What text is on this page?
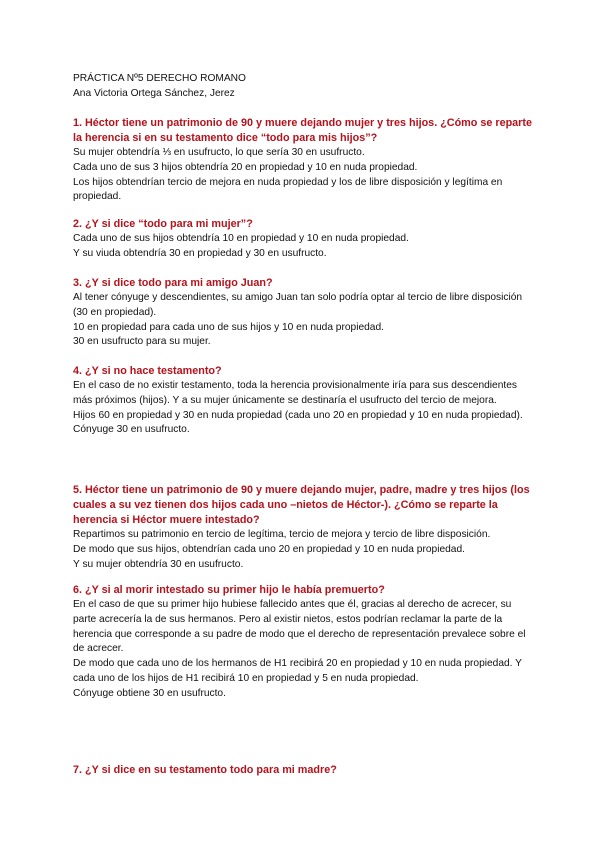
PRÁCTICA Nº5 DERECHO ROMANO
Ana Victoria Ortega Sánchez, Jerez

1. Héctor tiene un patrimonio de 90 y muere dejando mujer y tres hijos. ¿Cómo se reparte la herencia si en su testamento dice “todo para mis hijos”?

Su mujer obtendría ⅓ en usufructo, lo que sería 30 en usufructo.

Cada uno de sus 3 hijos obtendría 20 en propiedad y 10 en nuda propiedad.

Los hijos obtendrían tercio de mejora en nuda propiedad y los de libre disposición y legítima en propiedad.

2. ¿Y si dice “todo para mi mujer”?

Cada uno de sus hijos obtendría 10 en propiedad y 10 en nuda propiedad.

Y su viuda obtendría 30 en propiedad y 30 en usufructo.

3. ¿Y si dice todo para mi amigo Juan?

Al tener cónyuge y descendientes, su amigo Juan tan solo podría optar al tercio de libre disposición (30 en propiedad).

10 en propiedad para cada uno de sus hijos y 10 en nuda propiedad.

30 en usufructo para su mujer.

4. ¿Y si no hace testamento?

En el caso de no existir testamento, toda la herencia provisionalmente iría para sus descendientes más próximos (hijos). Y a su mujer únicamente se destinaría el usufructo del tercio de mejora.

Hijos 60 en propiedad y 30 en nuda propiedad (cada uno 20 en propiedad y 10 en nuda propiedad).

Cónyuge 30 en usufructo.

5. Héctor tiene un patrimonio de 90 y muere dejando mujer, padre, madre y tres hijos (los cuales a su vez tienen dos hijos cada uno –nietos de Héctor-). ¿Cómo se reparte la herencia si Héctor muere intestado?

Repartimos su patrimonio en tercio de legítima, tercio de mejora y tercio de libre disposición.

De modo que sus hijos, obtendrían cada uno 20 en propiedad y 10 en nuda propiedad.

Y su mujer obtendría 30 en usufructo.

6. ¿Y si al morir intestado su primer hijo le había premuerto?

En el caso de que su primer hijo hubiese fallecido antes que él, gracias al derecho de acrecer, su parte acrecería la de sus hermanos. Pero al existir nietos, estos podrían reclamar la parte de la herencia que corresponde a su padre de modo que el derecho de representación prevalece sobre el de acrecer.

De modo que cada uno de los hermanos de H1 recibirá 20 en propiedad y 10 en nuda propiedad. Y cada uno de los hijos de H1 recibirá 10 en propiedad y 5 en nuda propiedad.

Cónyuge obtiene 30 en usufructo.

7. ¿Y si dice en su testamento todo para mi madre?
